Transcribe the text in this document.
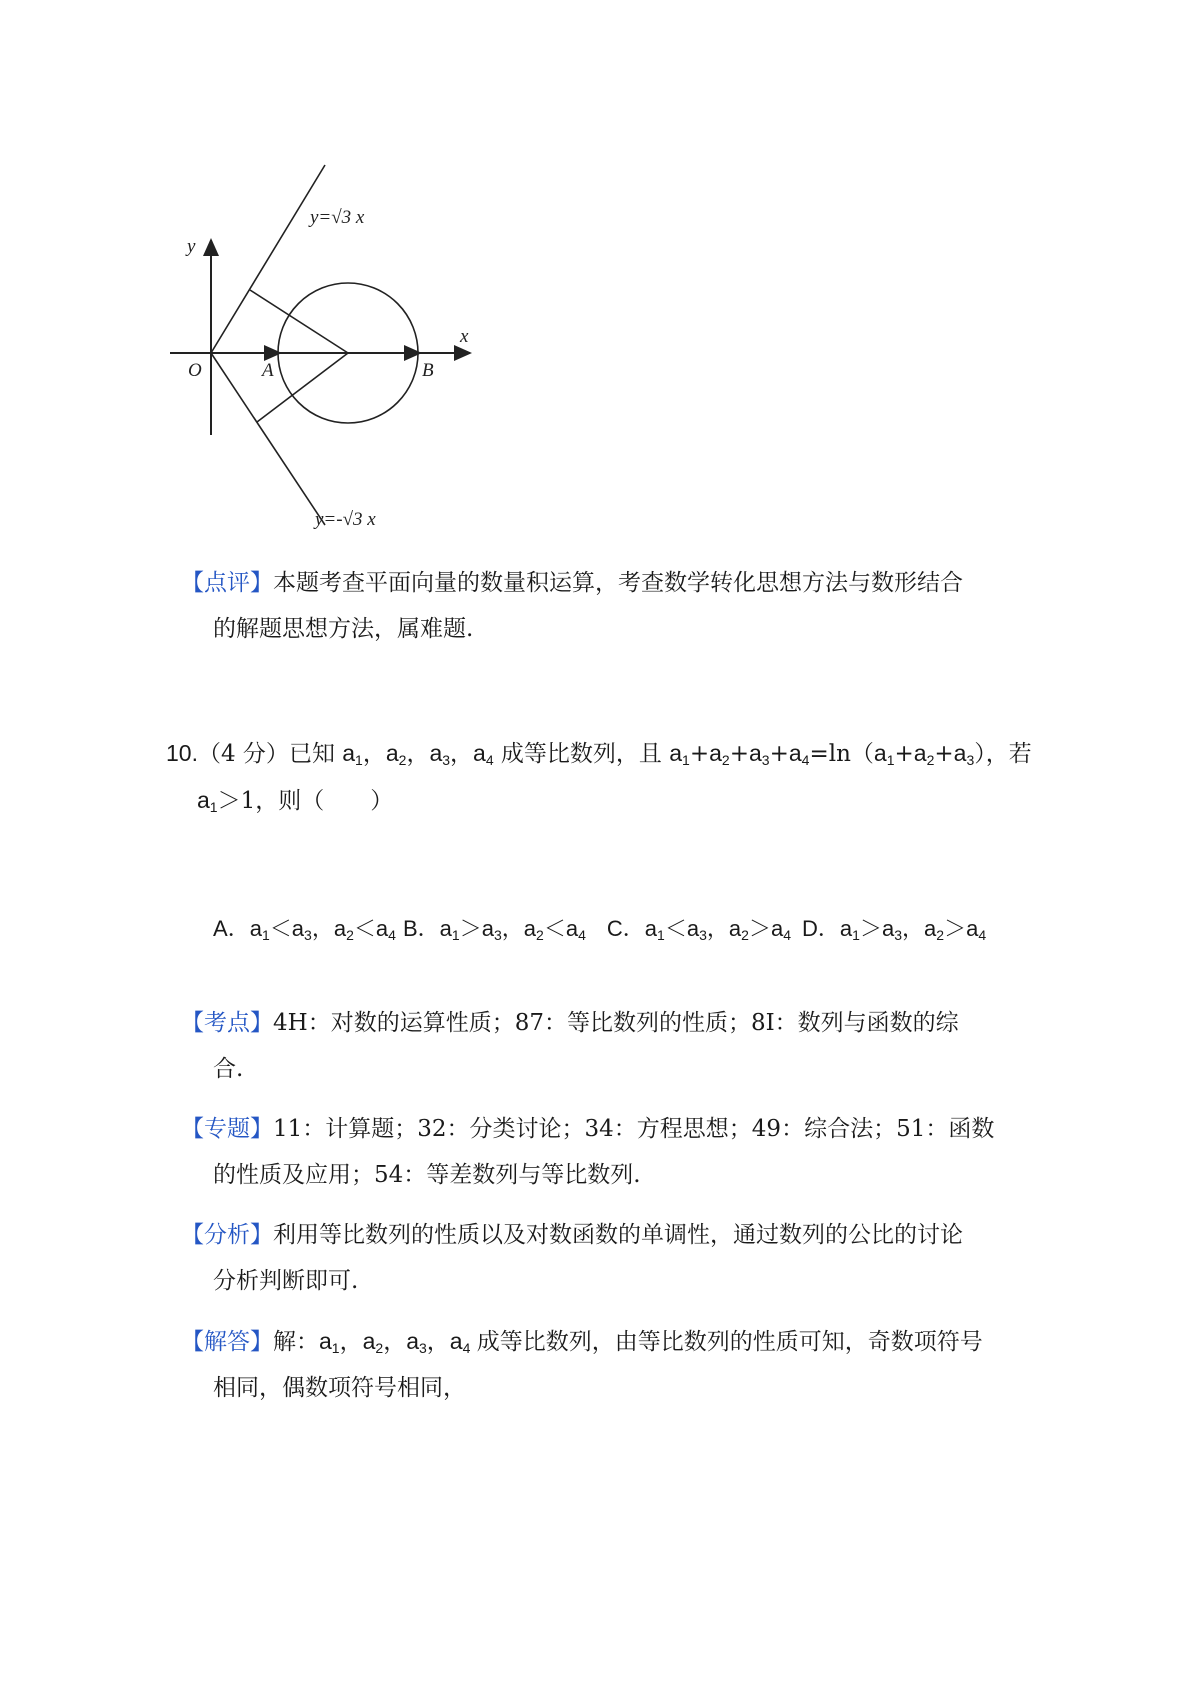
y=√3 x
y=-√3 x
y
x
O	A	B
【点评】本题考查平面向量的数量积运算，考查数学转化思想方法与数形结合
的解题思想方法，属难题.
10.（4 分）已知 $a_1$，$a_2$，$a_3$，$a_4$ 成等比数列，且 $a_1+a_2+a_3+a_4=\ln(a_1+a_2+a_3)$，若
$a_1>1$，则（　　）
A．$a_1<a_3$，$a_2<a_4$ B．$a_1>a_3$，$a_2<a_4$ C．$a_1<a_3$，$a_2>a_4$ D．$a_1>a_3$，$a_2>a_4$
【考点】4H：对数的运算性质；87：等比数列的性质；8I：数列与函数的综
合.
【专题】11：计算题；32：分类讨论；34：方程思想；49：综合法；51：函数
的性质及应用；54：等差数列与等比数列.
【分析】利用等比数列的性质以及对数函数的单调性，通过数列的公比的讨论
分析判断即可.
【解答】解：$a_1$，$a_2$，$a_3$，$a_4$ 成等比数列，由等比数列的性质可知，奇数项符号
相同，偶数项符号相同，
